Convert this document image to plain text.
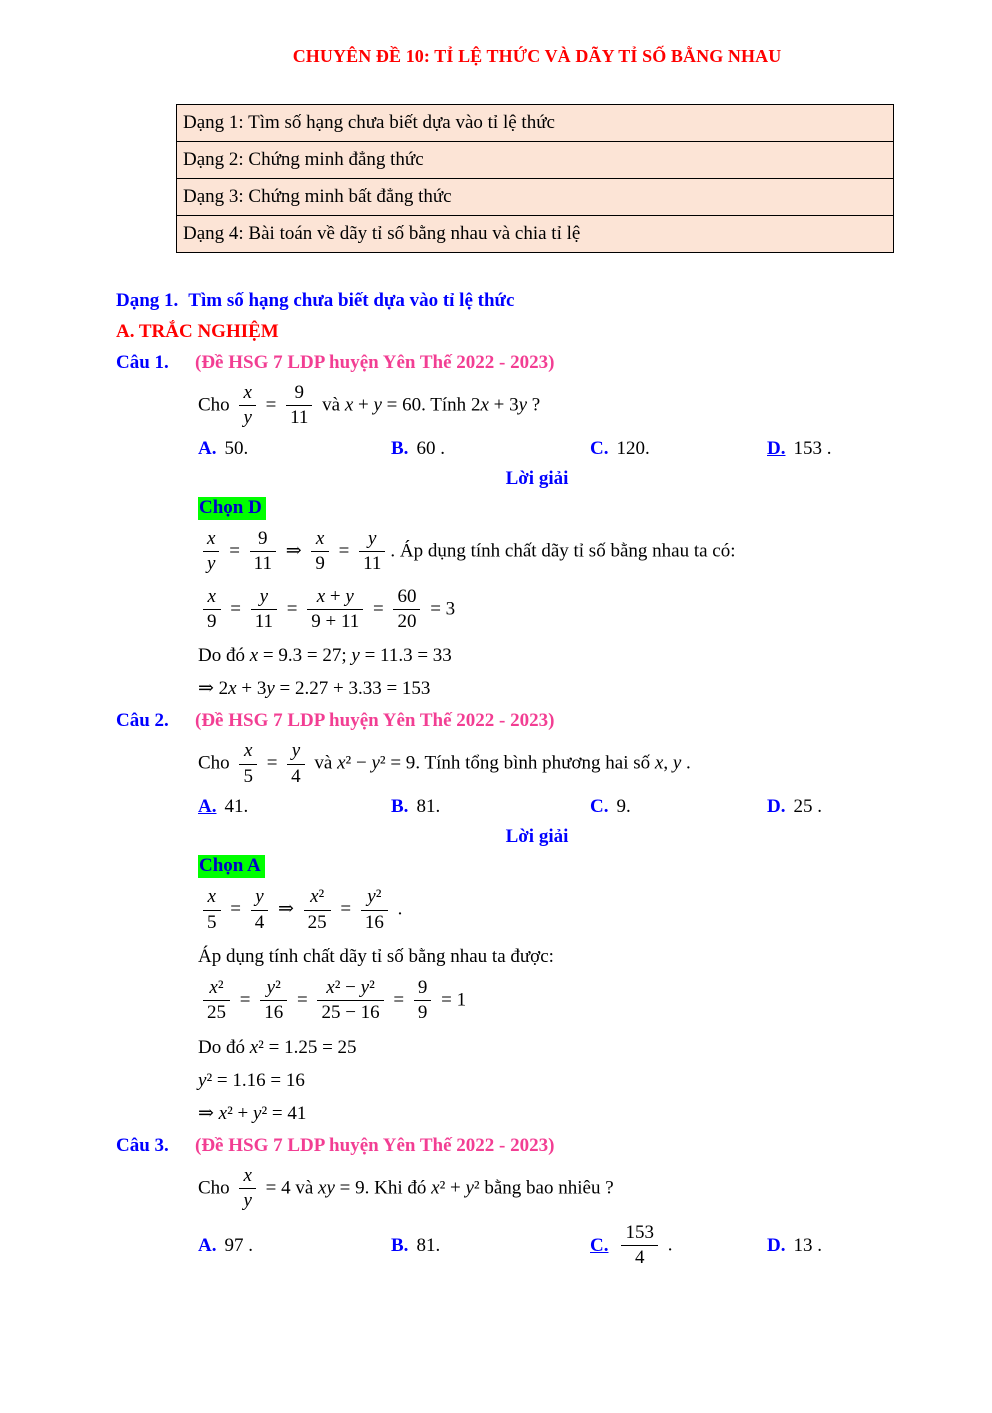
CHUYÊN ĐỀ 10: TỈ LỆ THỨC VÀ DÃY TỈ SỐ BẰNG NHAU
Dạng 1: Tìm số hạng chưa biết dựa vào tỉ lệ thức
Dạng 2: Chứng minh đẳng thức
Dạng 3: Chứng minh bất đẳng thức
Dạng 4: Bài toán về dãy tỉ số bằng nhau và chia tỉ lệ
Dạng 1. Tìm số hạng chưa biết dựa vào tỉ lệ thức
A. TRẮC NGHIỆM
Câu 1. (Đề HSG 7 LDP huyện Yên Thế 2022 - 2023)
Cho $\frac{x}{y} = \frac{9}{11}$ và x + y = 60. Tính 2x + 3y ?
A. 50.	B. 60 .	C. 120.	D. 153 .
Lời giải
Chọn D
$\frac{x}{y} = \frac{9}{11}$ ⇒ $\frac{x}{9} = \frac{y}{11}$ . Áp dụng tính chất dãy tỉ số bằng nhau ta có:
$\frac{x}{9} = \frac{y}{11} = \frac{x + y}{9 + 11} = \frac{60}{20} = 3$
Do đó x = 9.3 = 27; y = 11.3 = 33
⇒ 2x + 3y = 2.27 + 3.33 = 153
Câu 2. (Đề HSG 7 LDP huyện Yên Thế 2022 - 2023)
Cho $\frac{x}{5} = \frac{y}{4}$ và x² − y² = 9. Tính tổng bình phương hai số x, y .
A. 41.	B. 81.	C. 9.	D. 25 .
Lời giải
Chọn A
$\frac{x}{5} = \frac{y}{4}$ ⇒ $\frac{\text{x²}}{25} = \frac{\text{y²}}{16}$ .
Áp dụng tính chất dãy tỉ số bằng nhau ta được:
$\frac{\text{x²}}{25} = \frac{\text{y²}}{16} = \frac{\text{x² − y²}}{25 - 16} = \frac{9}{9} = 1$
Do đó x² = 1.25 = 25
y² = 1.16 = 16
⇒ x² + y² = 41
Câu 3. (Đề HSG 7 LDP huyện Yên Thế 2022 - 2023)
Cho $\frac{x}{y} = 4$ và xy = 9. Khi đó x² + y² bằng bao nhiêu ?
A. 97 .	B. 81.	C. $\frac{153}{4}$ .	D. 13 .
